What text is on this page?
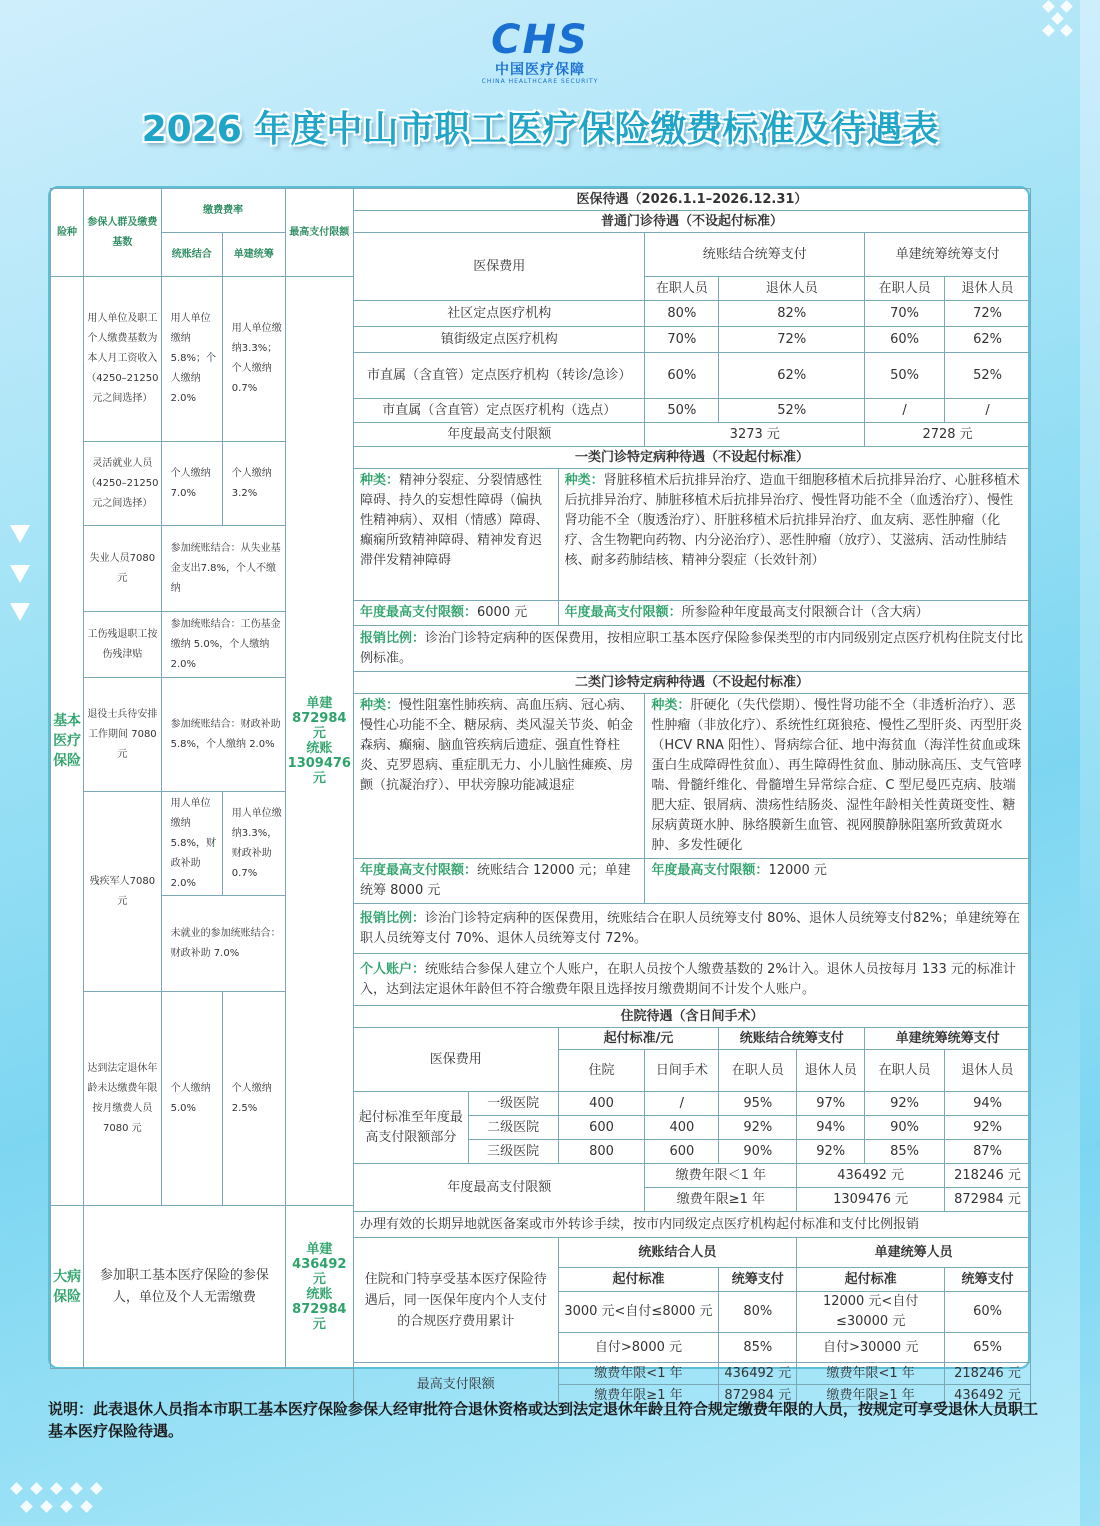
CHS
中国医疗保障
CHINA HEALTHCARE SECURITY
2026 年度中山市职工医疗保险缴费标准及待遇表
险种	参保人群及缴费基数	缴费费率		最高支付限额
		统账结合	单建统筹	
基本医疗保险	用人单位及职工个人缴费基数为本人月工资收入（4250–21250 元之间选择）	用人单位缴纳5.8%；个人缴纳 2.0%	用人单位缴纳3.3%；个人缴纳 0.7%	单建 872984 元
统账 1309476 元

	灵活就业人员（4250–21250 元之间选择）	个人缴纳 7.0%	个人缴纳 3.2%	
	失业人员7080 元	参加统账结合：从失业基金支出7.8%，个人不缴纳		
	工伤残退职工按伤残津贴	参加统账结合：工伤基金缴纳 5.0%，个人缴纳 2.0%		
	退役士兵待安排工作期间 7080 元	参加统账结合：财政补助 5.8%，个人缴纳 2.0%		
	残疾军人7080 元	用人单位缴纳5.8%，财政补助2.0%	用人单位缴纳3.3%，财政补助0.7%	
		未就业的参加统账结合：财政补助 7.0%		
	达到法定退休年龄未达缴费年限按月缴费人员7080 元	个人缴纳 5.0%	个人缴纳 2.5%	
大病保险	参加职工基本医疗保险的参保人，单位及个人无需缴费			单建 436492 元
统账 872984 元
医保待遇（2026.1.1–2026.12.31）							
普通门诊待遇（不设起付标准）							
医保费用			统账结合统筹支付			单建统筹统筹支付	
			在职人员	退休人员		在职人员	退休人员
社区定点医疗机构			80%	82%		70%	72%
镇街级定点医疗机构			70%	72%		60%	62%
市直属（含直管）定点医疗机构（转诊/急诊）			60%	62%		50%	52%
市直属（含直管）定点医疗机构（选点）			50%	52%		/	/
年度最高支付限额			3273 元			2728 元	
一类门诊特定病种待遇（不设起付标准）							
种类：精神分裂症、分裂情感性障碍、持久的妄想性障碍（偏执性精神病）、双相（情感）障碍、癫痫所致精神障碍、精神发育迟滞伴发精神障碍		种类：肾脏移植术后抗排异治疗、造血干细胞移植术后抗排异治疗、心脏移植术后抗排异治疗、肺脏移植术后抗排异治疗、慢性肾功能不全（血透治疗）、慢性肾功能不全（腹透治疗）、肝脏移植术后抗排异治疗、血友病、恶性肿瘤（化疗、含生物靶向药物、内分泌治疗）、恶性肿瘤（放疗）、艾滋病、活动性肺结核、耐多药肺结核、精神分裂症（长效针剂）					
年度最高支付限额：6000 元		年度最高支付限额：所参险种年度最高支付限额合计（含大病）					
报销比例：诊治门诊特定病种的医保费用，按相应职工基本医疗保险参保类型的市内同级别定点医疗机构住院支付比例标准。							
二类门诊特定病种待遇（不设起付标准）							
种类：慢性阻塞性肺疾病、高血压病、冠心病、慢性心功能不全、糖尿病、类风湿关节炎、帕金森病、癫痫、脑血管疾病后遗症、强直性脊柱炎、克罗恩病、重症肌无力、小儿脑性瘫痪、房颤（抗凝治疗）、甲状旁腺功能减退症			种类：肝硬化（失代偿期）、慢性肾功能不全（非透析治疗）、恶性肿瘤（非放化疗）、系统性红斑狼疮、慢性乙型肝炎、丙型肝炎（HCV RNA 阳性）、肾病综合征、地中海贫血（海洋性贫血或珠蛋白生成障碍性贫血）、再生障碍性贫血、肺动脉高压、支气管哮喘、骨髓纤维化、骨髓增生异常综合症、C 型尼曼匹克病、肢端肥大症、银屑病、溃疡性结肠炎、湿性年龄相关性黄斑变性、糖尿病黄斑水肿、脉络膜新生血管、视网膜静脉阻塞所致黄斑水肿、多发性硬化				
年度最高支付限额：统账结合 12000 元；单建统筹 8000 元			年度最高支付限额：12000 元				
报销比例：诊治门诊特定病种的医保费用，统账结合在职人员统筹支付 80%、退休人员统筹支付82%；单建统筹在职人员统筹支付 70%、退休人员统筹支付 72%。							
个人账户：统账结合参保人建立个人账户，在职人员按个人缴费基数的 2%计入。退休人员按每月 133 元的标准计入，达到法定退休年龄但不符合缴费年限且选择按月缴费期间不计发个人账户。							
住院待遇（含日间手术）							
医保费用		起付标准/元		统账结合统筹支付		单建统筹统筹支付	
		住院	日间手术	在职人员	退休人员	在职人员	退休人员
起付标准至年度最高支付限额部分	一级医院	400	/	95%	97%	92%	94%
	二级医院	600	400	92%	94%	90%	92%
	三级医院	800	600	90%	92%	85%	87%
年度最高支付限额			缴费年限＜1 年		436492 元		218246 元
			缴费年限≥1 年		1309476 元		872984 元
办理有效的长期异地就医备案或市外转诊手续，按市内同级定点医疗机构起付标准和支付比例报销							
住院和门特享受基本医疗保险待遇后，同一医保年度内个人支付的合规医疗费用累计		统账结合人员			单建统筹人员		
		起付标准		统筹支付	起付标准		统筹支付
		3000 元<自付≤8000 元		80%	12000 元<自付≤30000 元		60%
		自付>8000 元		85%	自付>30000 元		65%
最高支付限额		缴费年限<1 年		436492 元	缴费年限<1 年		218246 元
		缴费年限≥1 年		872984 元	缴费年限≥1 年		436492 元
说明：此表退休人员指本市职工基本医疗保险参保人经审批符合退休资格或达到法定退休年龄且符合规定缴费年限的人员，按规定可享受退休人员职工基本医疗保险待遇。
